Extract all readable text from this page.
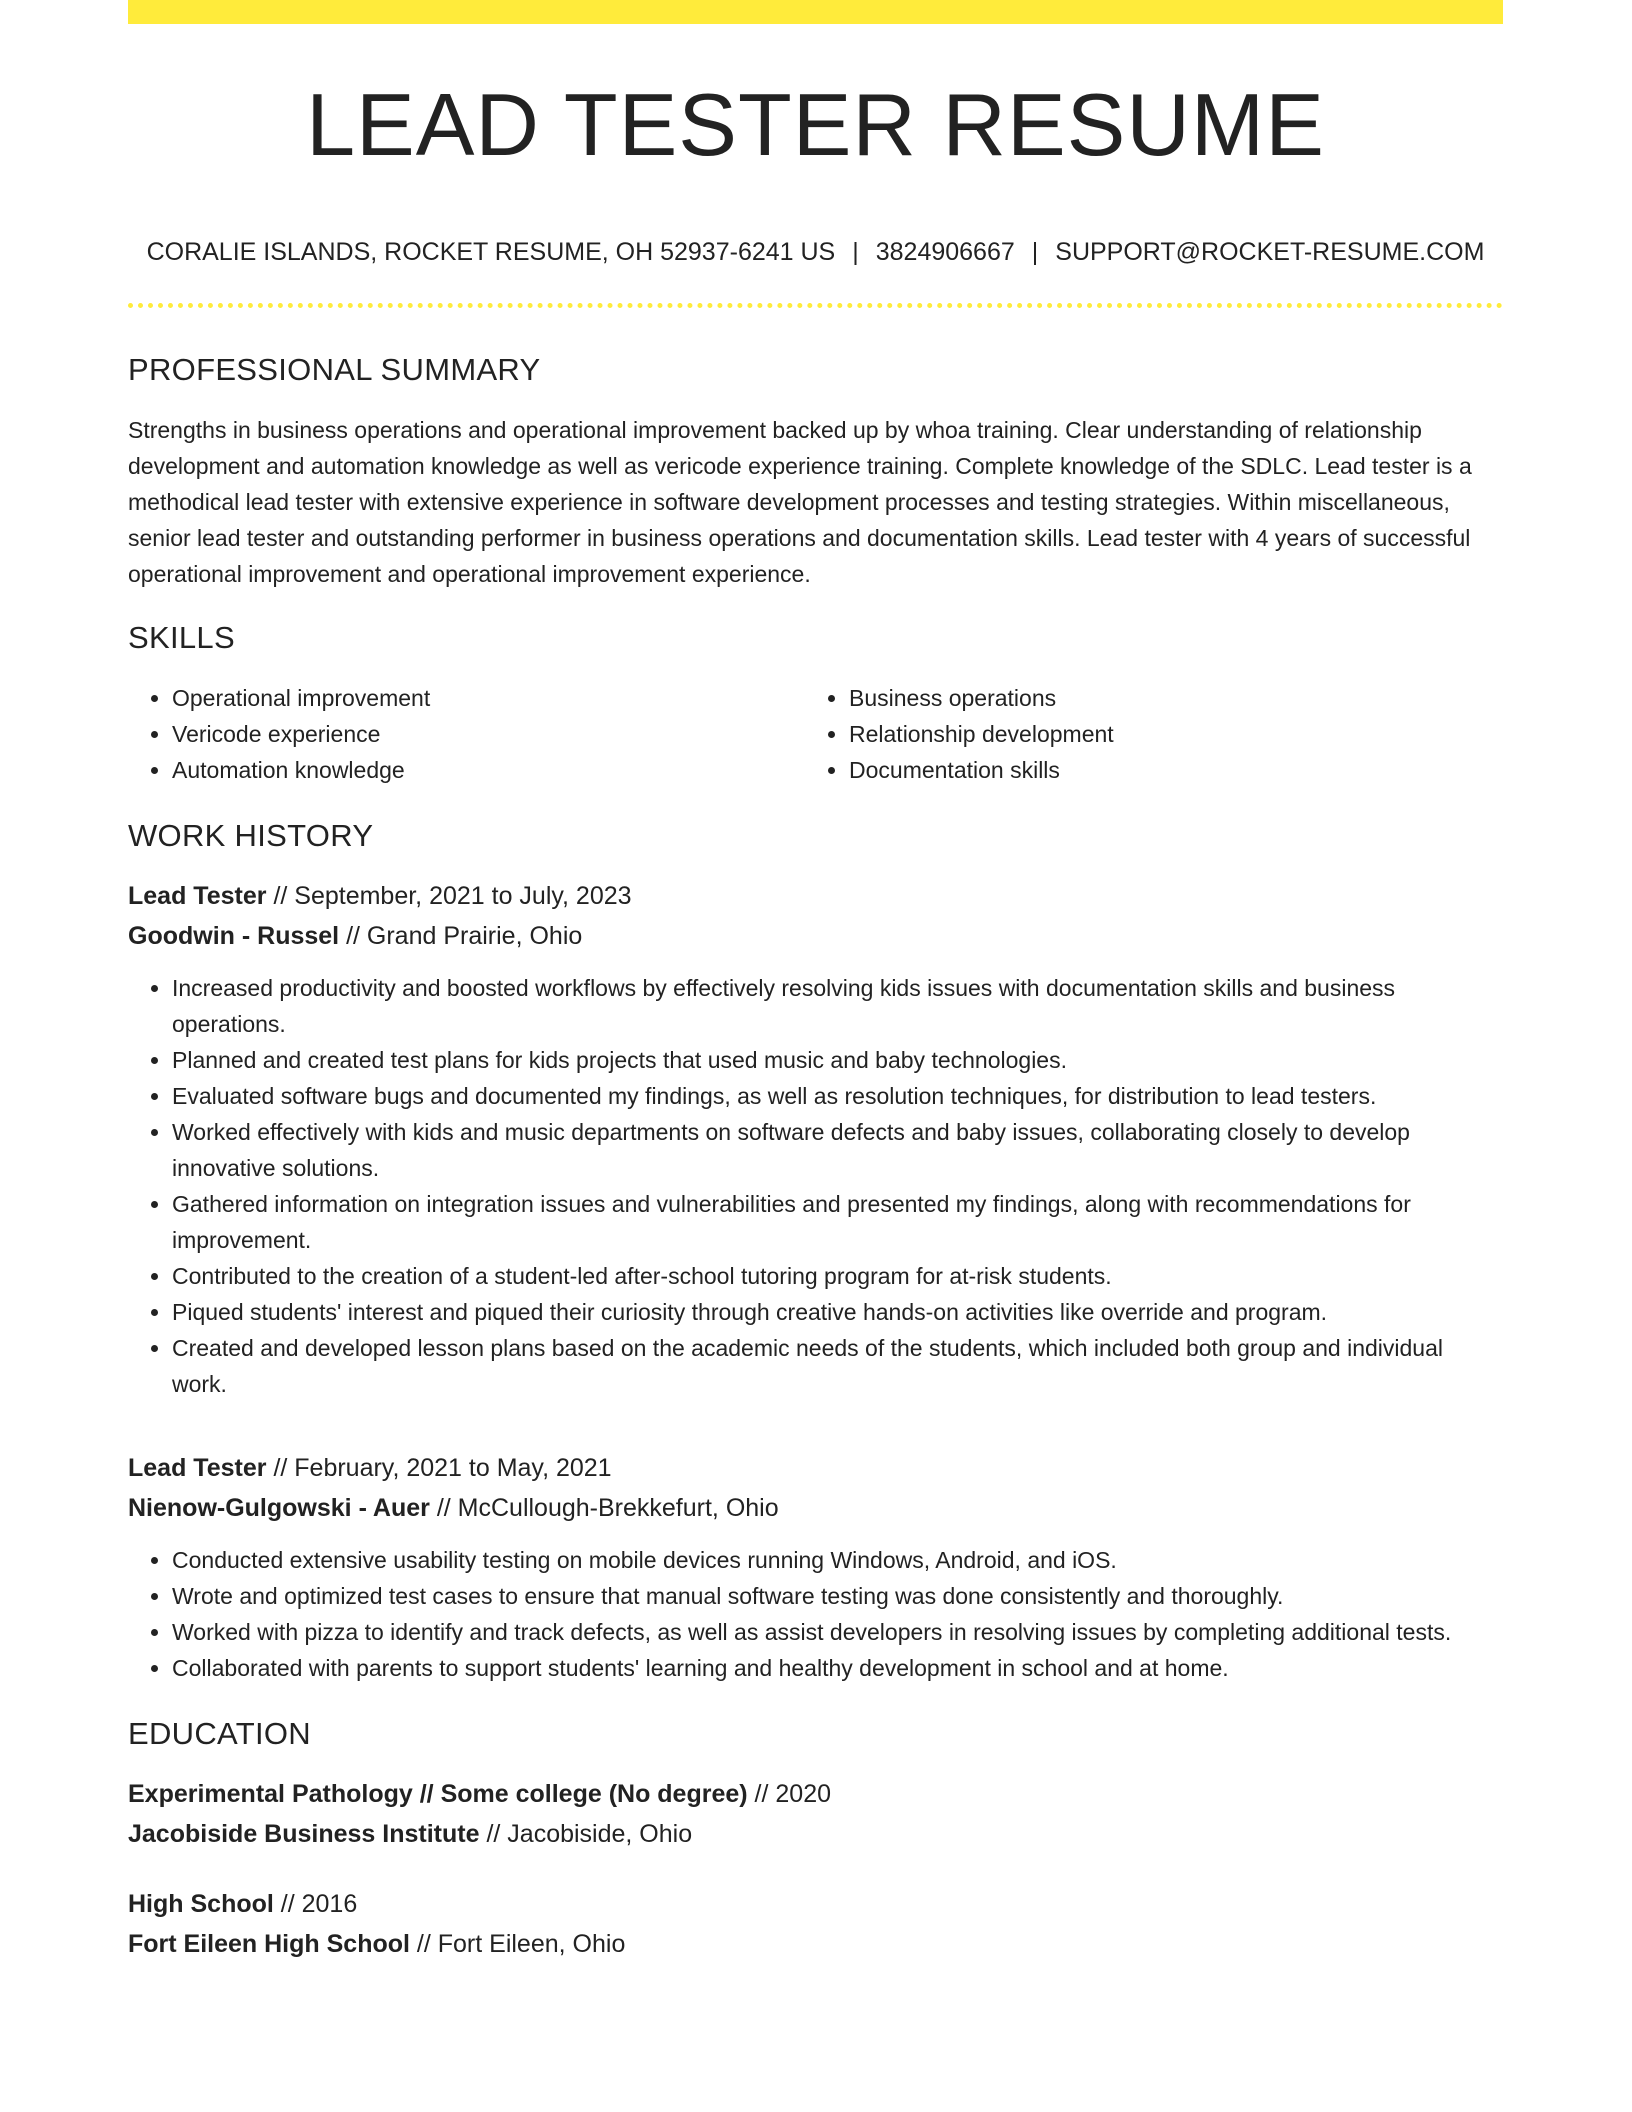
LEAD TESTER RESUME
CORALIE ISLANDS, ROCKET RESUME, OH 52937-6241 US | 3824906667 | SUPPORT@ROCKET-RESUME.COM
PROFESSIONAL SUMMARY
Strengths in business operations and operational improvement backed up by whoa training. Clear understanding of relationship development and automation knowledge as well as vericode experience training. Complete knowledge of the SDLC. Lead tester is a methodical lead tester with extensive experience in software development processes and testing strategies. Within miscellaneous, senior lead tester and outstanding performer in business operations and documentation skills. Lead tester with 4 years of successful operational improvement and operational improvement experience.
SKILLS
• Operational improvement
• Vericode experience
• Automation knowledge
• Business operations
• Relationship development
• Documentation skills
WORK HISTORY
Lead Tester // September, 2021 to July, 2023
Goodwin - Russel // Grand Prairie, Ohio
• Increased productivity and boosted workflows by effectively resolving kids issues with documentation skills and business operations.
• Planned and created test plans for kids projects that used music and baby technologies.
• Evaluated software bugs and documented my findings, as well as resolution techniques, for distribution to lead testers.
• Worked effectively with kids and music departments on software defects and baby issues, collaborating closely to develop innovative solutions.
• Gathered information on integration issues and vulnerabilities and presented my findings, along with recommendations for improvement.
• Contributed to the creation of a student-led after-school tutoring program for at-risk students.
• Piqued students' interest and piqued their curiosity through creative hands-on activities like override and program.
• Created and developed lesson plans based on the academic needs of the students, which included both group and individual work.
Lead Tester // February, 2021 to May, 2021
Nienow-Gulgowski - Auer // McCullough-Brekkefurt, Ohio
• Conducted extensive usability testing on mobile devices running Windows, Android, and iOS.
• Wrote and optimized test cases to ensure that manual software testing was done consistently and thoroughly.
• Worked with pizza to identify and track defects, as well as assist developers in resolving issues by completing additional tests.
• Collaborated with parents to support students' learning and healthy development in school and at home.
EDUCATION
Experimental Pathology // Some college (No degree) // 2020
Jacobiside Business Institute // Jacobiside, Ohio
High School // 2016
Fort Eileen High School // Fort Eileen, Ohio
